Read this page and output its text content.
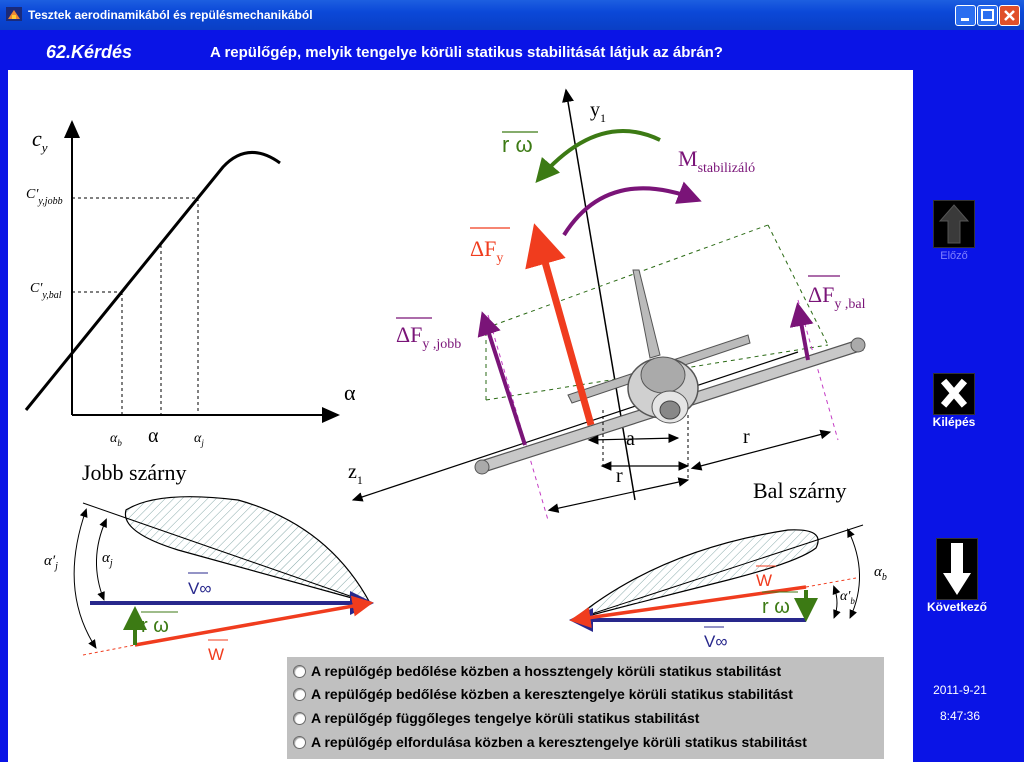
Tesztek aerodinamikából és repülésmechanikából
62.Kérdés	A repülőgép, melyik tengelye körüli statikus stabilitását látjuk az ábrán?
$c_y$
$C'_{y,jobb}$
$C'_{y,bal}$
α
$\alpha_b$ α	$\alpha_j$
$y_1$
$z_1$
r ω
$M_{stabilizáló}$
$\Delta F_y$
$\Delta F_{y ,jobb}$
$\Delta F_{y ,bal}$
a
r
r
Jobb szárny
V∞
W
r ω
$\alpha'_j$
$\alpha_j$
Bal szárny
V∞
W
r ω
$\alpha_b$
$\alpha'_b$
Előző
Kilépés
Következő
2011-9-21
8:47:36
A repülőgép bedőlése közben a hossztengely körüli statikus stabilitást
A repülőgép bedőlése közben a keresztengelye körüli statikus stabilitást
A repülőgép függőleges tengelye körüli statikus stabilitást
A repülőgép elfordulása közben a keresztengelye körüli statikus stabilitást
